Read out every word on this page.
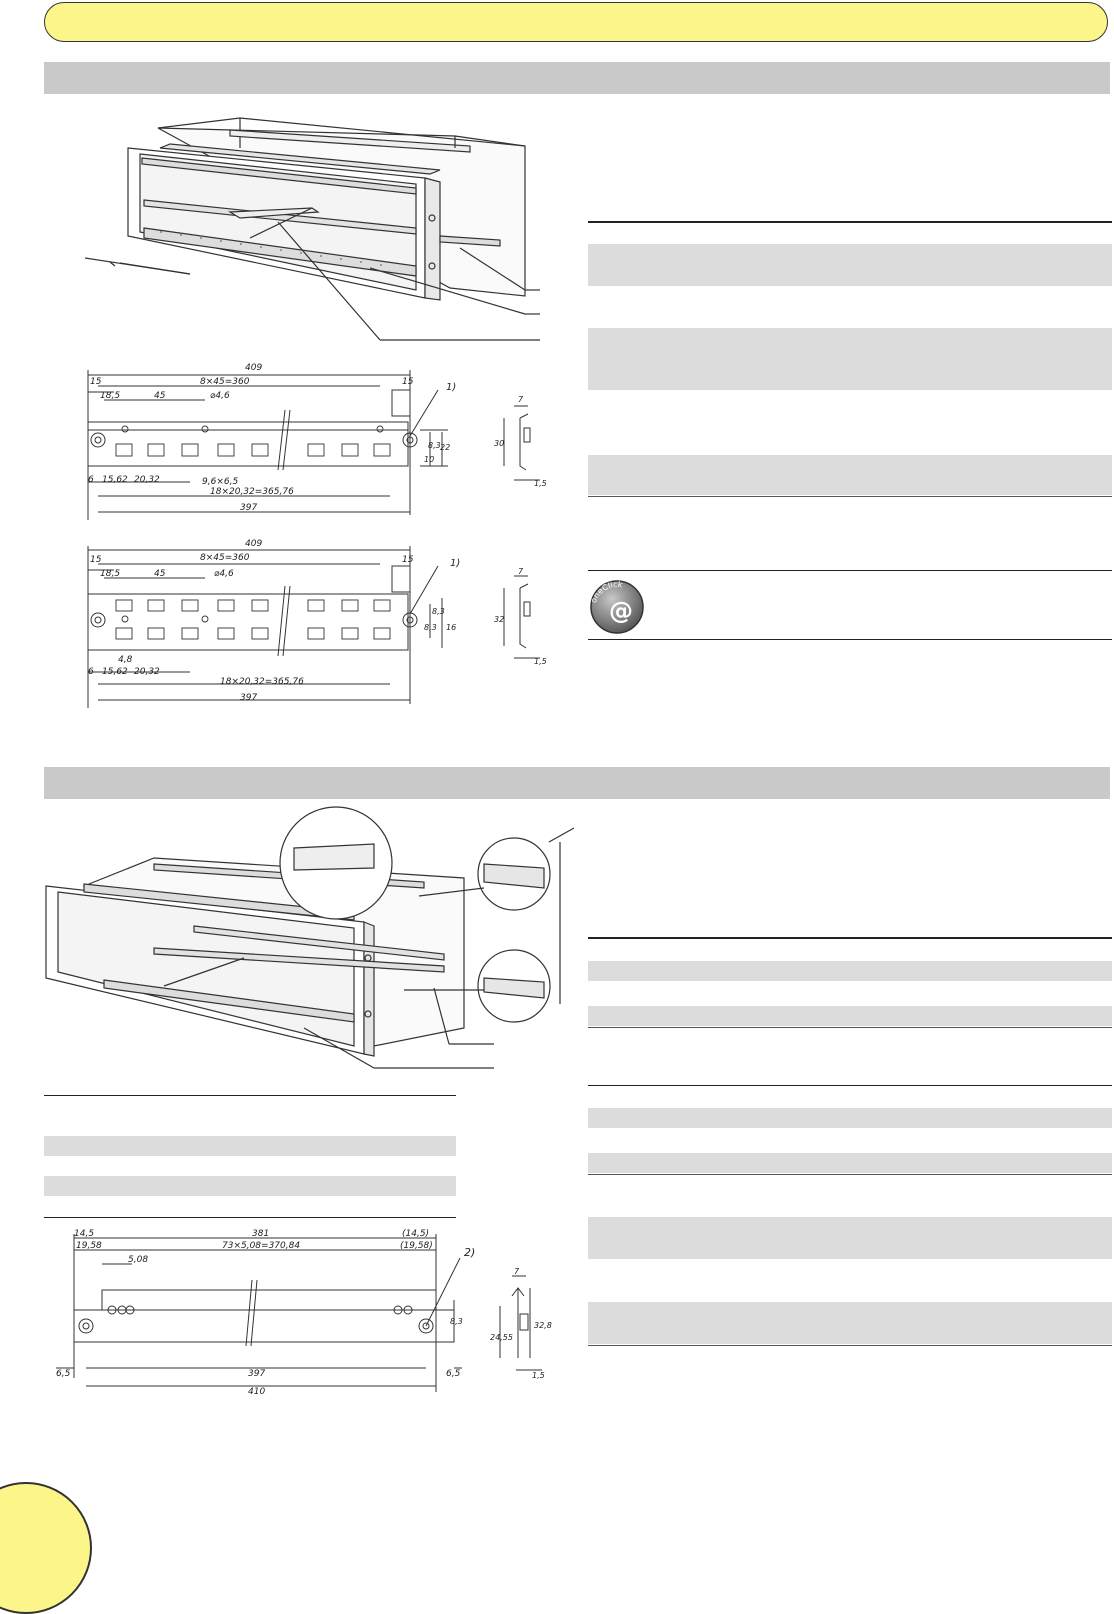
409
15	8×45=360	15	1)
18,5	45	⌀4,6
6 15,62 20,32	9,6×6,5
18×20,32=365,76
397
10
8,3 22
7
30
1,5
409
15	8×45=360	15	1)
18,5	45	⌀4,6
4,8
6 15,62 20,32
18×20,32=365,76
397
8,3
8,3
16
7
32
1,5
oneClick
@
14,5	381	(14,5)
19,58	73×5,08=370,84	(19,58)
5,08
2)
8,3
6,5	397	6,5
410
7
24,55
32,8
1,5
